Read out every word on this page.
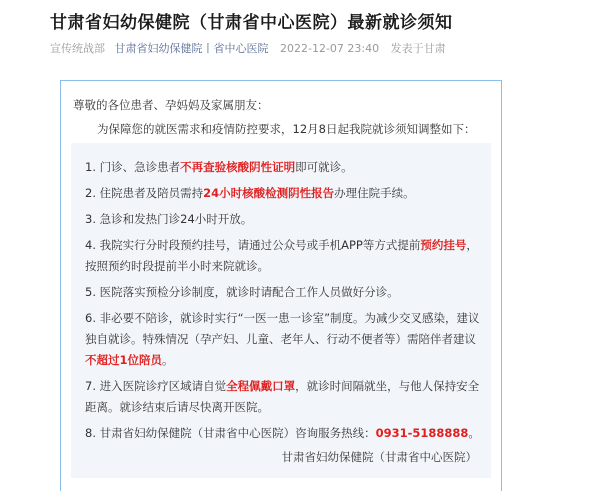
甘肃省妇幼保健院（甘肃省中心医院）最新就诊须知
宣传统战部 甘肃省妇幼保健院丨省中心医院 2022-12-07 23:40 发表于甘肃
尊敬的各位患者、孕妈妈及家属朋友：
为保障您的就医需求和疫情防控要求，12月8日起我院就诊须知调整如下：
1. 门诊、急诊患者不再查验核酸阴性证明即可就诊。
2. 住院患者及陪员需持24小时核酸检测阴性报告办理住院手续。
3. 急诊和发热门诊24小时开放。
4. 我院实行分时段预约挂号，请通过公众号或手机APP等方式提前预约挂号，按照预约时段提前半小时来院就诊。
5. 医院落实预检分诊制度，就诊时请配合工作人员做好分诊。
6. 非必要不陪诊，就诊时实行“一医一患一诊室”制度。为减少交叉感染，建议独自就诊。特殊情况（孕产妇、儿童、老年人、行动不便者等）需陪伴者建议不超过1位陪员。
7. 进入医院诊疗区域请自觉全程佩戴口罩，就诊时间隔就坐，与他人保持安全距离。就诊结束后请尽快离开医院。
8. 甘肃省妇幼保健院（甘肃省中心医院）咨询服务热线：0931-5188888。
甘肃省妇幼保健院（甘肃省中心医院）
